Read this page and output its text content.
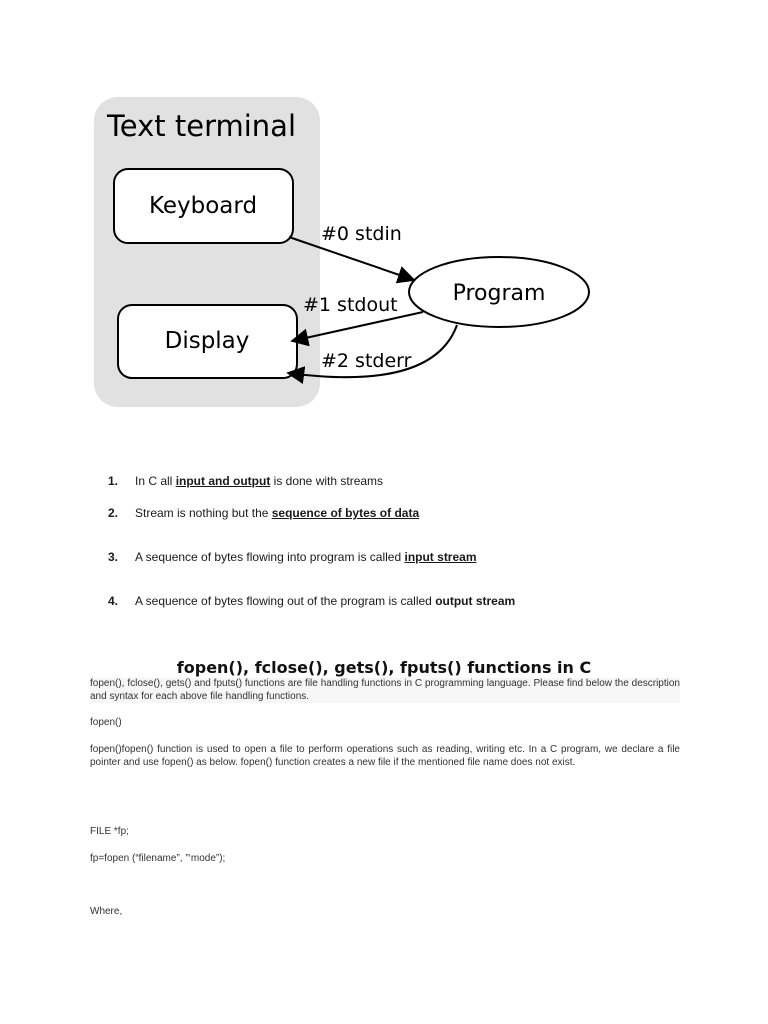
Text terminal
Keyboard
Display
Program
#0 stdin
#1 stdout
#2 stderr
1. In C all input and output is done with streams
2. Stream is nothing but the sequence of bytes of data
3. A sequence of bytes flowing into program is called input stream
4. A sequence of bytes flowing out of the program is called output stream
fopen(), fclose(), gets(), fputs() functions in C
fopen(), fclose(), gets() and fputs() functions are file handling functions in C programming language. Please find below the description and syntax for each above file handling functions.
fopen()
fopen()fopen() function is used to open a file to perform operations such as reading, writing etc. In a C program, we declare a file pointer and use fopen() as below. fopen() function creates a new file if the mentioned file name does not exist.
FILE *fp;
fp=fopen (“filename”, ”‘mode”);
Where,
